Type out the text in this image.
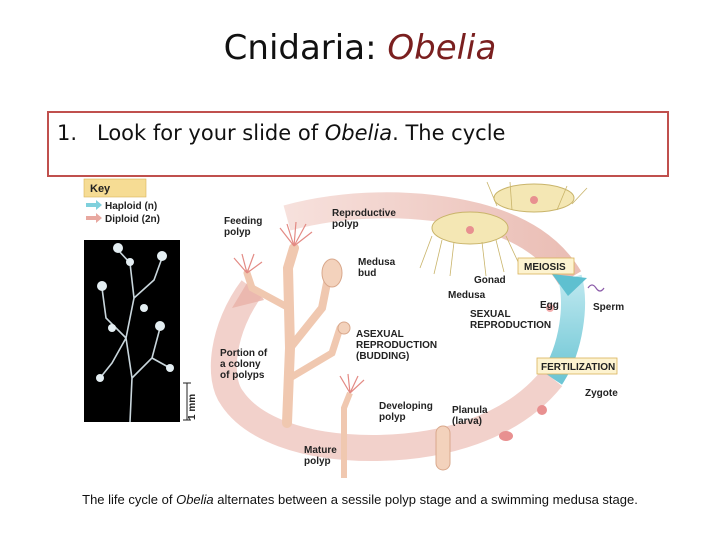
Cnidaria: Obelia
1. Look for your slide of Obelia. The cycle
Key
Haploid (n)
Diploid (2n)
1 mm
Feeding
polyp
Reproductive
polyp
Medusa
bud
Gonad
Medusa
MEIOSIS
Egg	Sperm
SEXUAL
REPRODUCTION
ASEXUAL
REPRODUCTION
(BUDDING)
Portion of
a colony
of polyps
FERTILIZATION
Zygote
Developing
polyp
Planula
(larva)
Mature
polyp
The life cycle of Obelia alternates between a sessile polyp stage and a swimming medusa stage.
